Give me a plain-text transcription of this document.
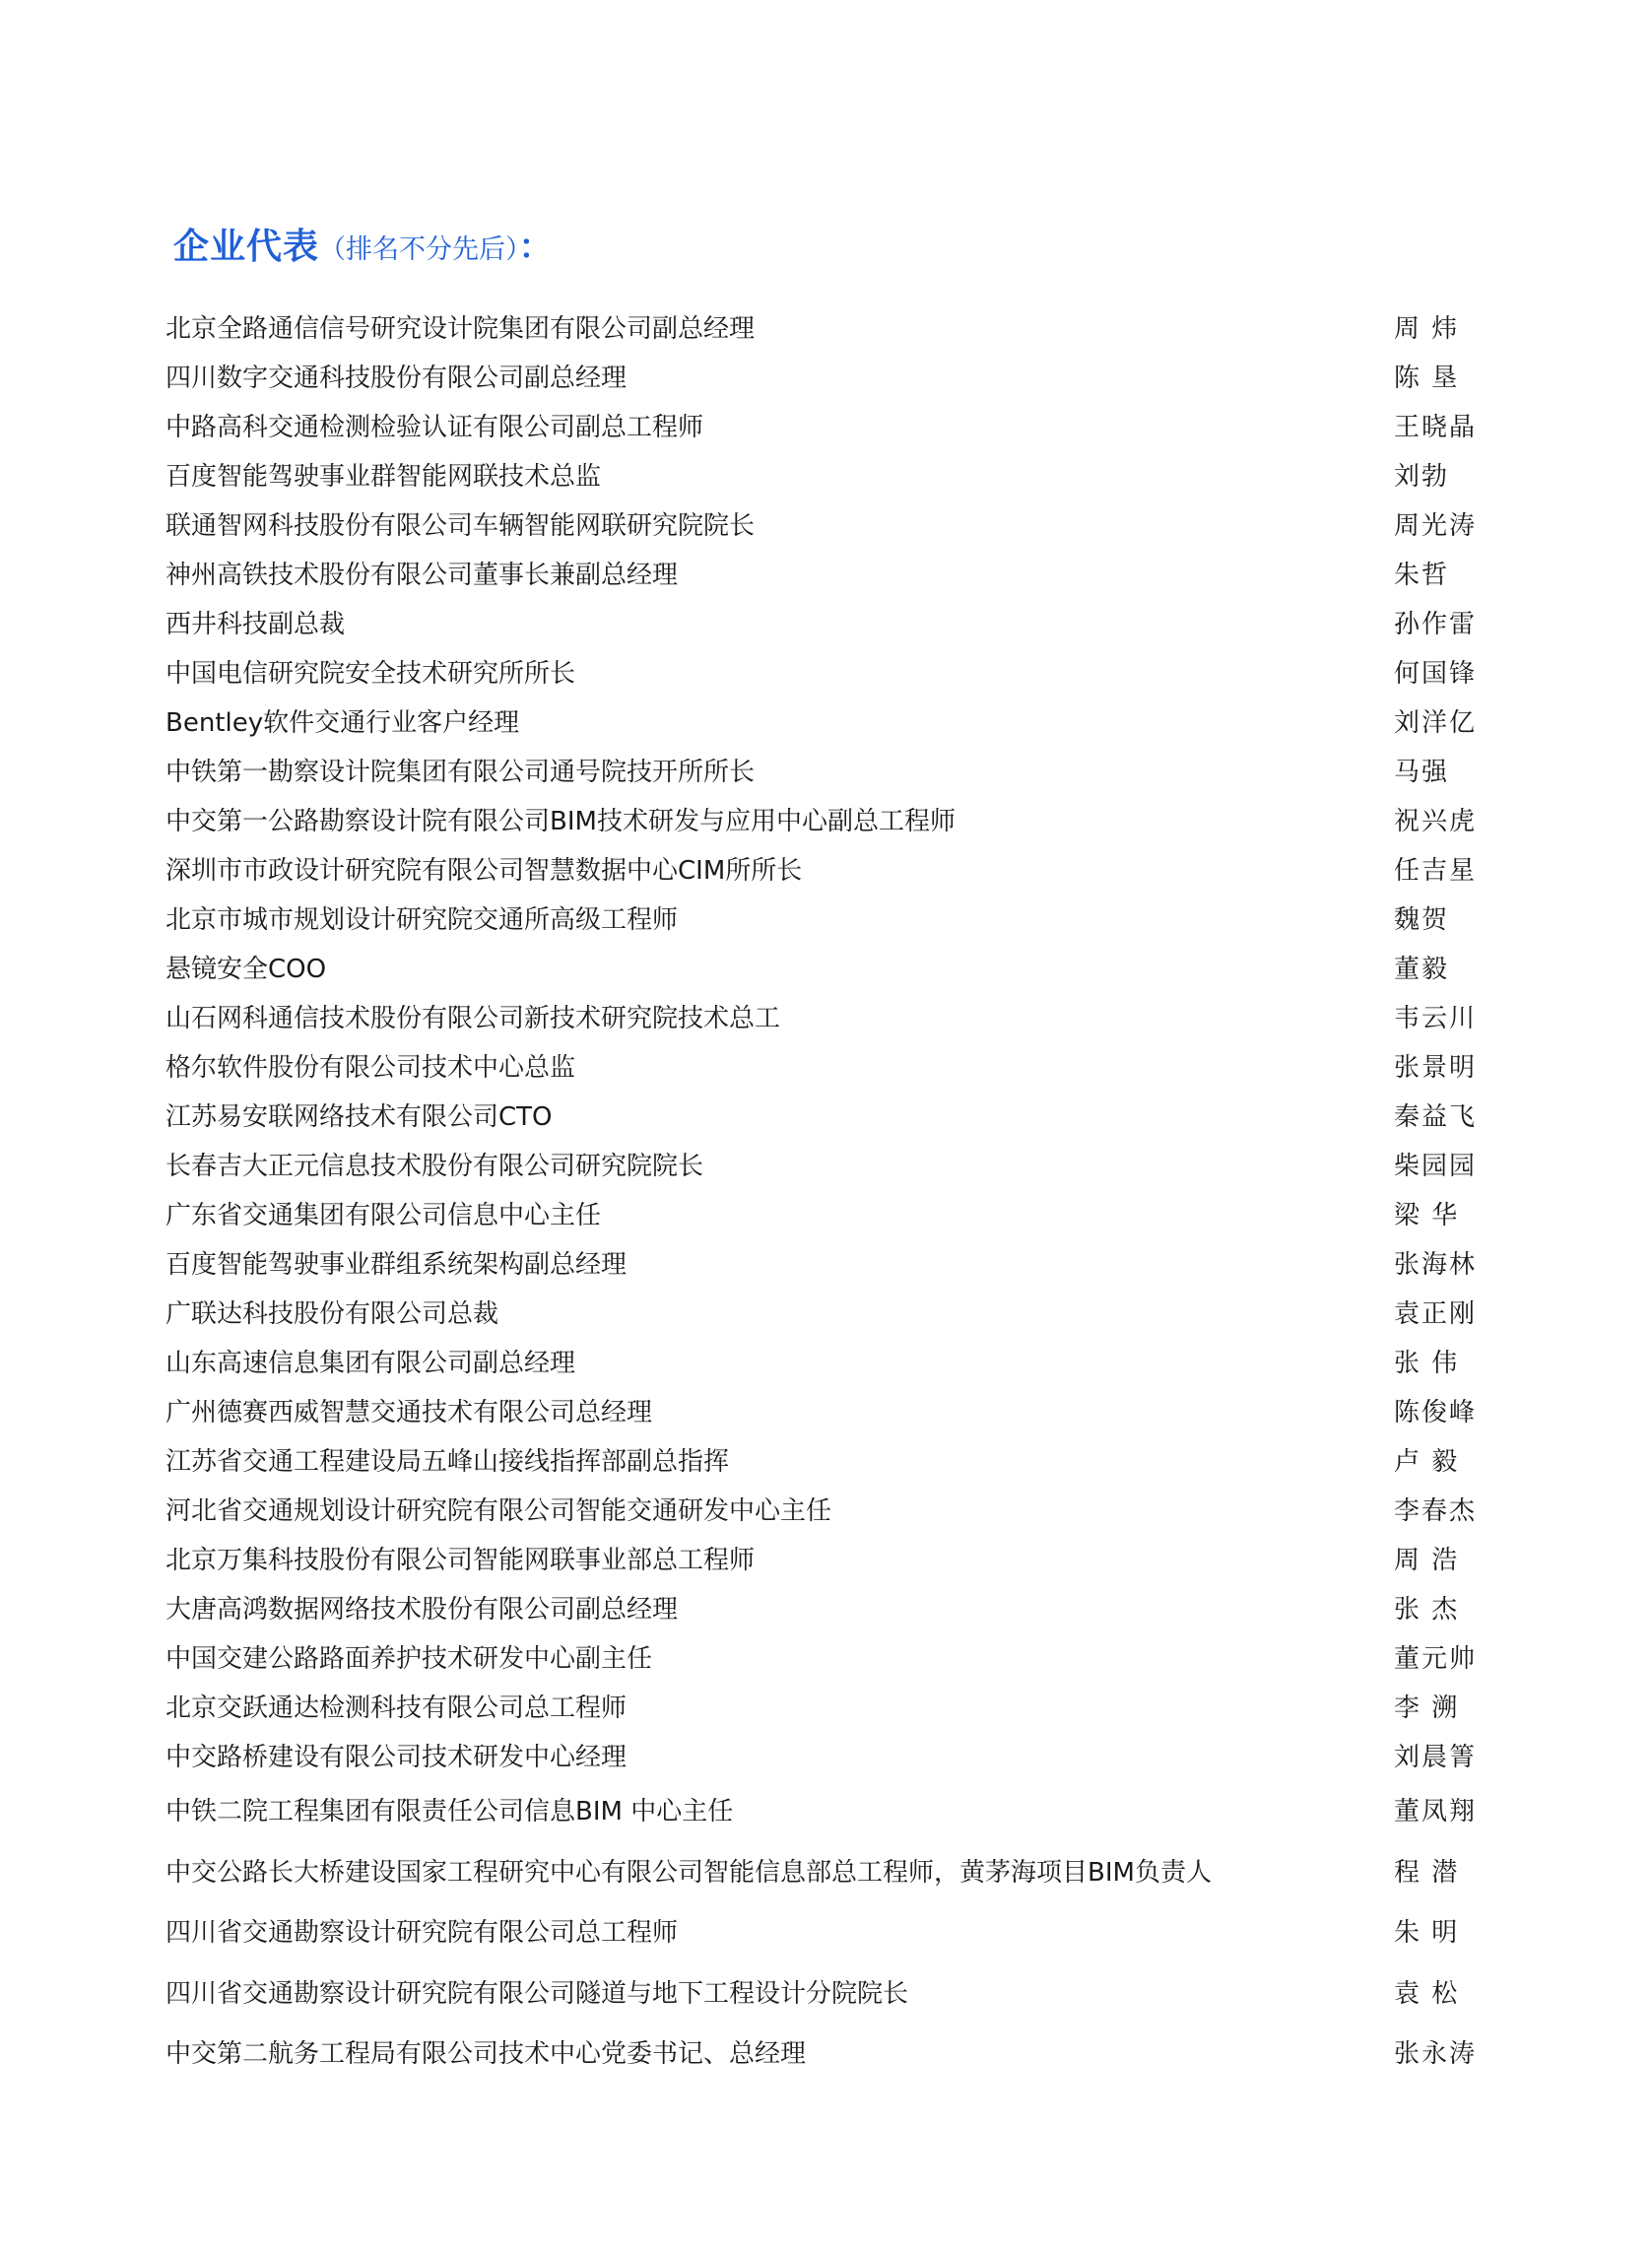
企业代表（排名不分先后）：
北京全路通信信号研究设计院集团有限公司副总经理	周 炜
四川数字交通科技股份有限公司副总经理	陈 垦
中路高科交通检测检验认证有限公司副总工程师	王晓晶
百度智能驾驶事业群智能网联技术总监	刘勃
联通智网科技股份有限公司车辆智能网联研究院院长	周光涛
神州高铁技术股份有限公司董事长兼副总经理	朱哲
西井科技副总裁	孙作雷
中国电信研究院安全技术研究所所长	何国锋
Bentley软件交通行业客户经理	刘洋亿
中铁第一勘察设计院集团有限公司通号院技开所所长	马强
中交第一公路勘察设计院有限公司BIM技术研发与应用中心副总工程师	祝兴虎
深圳市市政设计研究院有限公司智慧数据中心CIM所所长	任吉星
北京市城市规划设计研究院交通所高级工程师	魏贺
悬镜安全COO	董毅
山石网科通信技术股份有限公司新技术研究院技术总工	韦云川
格尔软件股份有限公司技术中心总监	张景明
江苏易安联网络技术有限公司CTO	秦益飞
长春吉大正元信息技术股份有限公司研究院院长	柴园园
广东省交通集团有限公司信息中心主任	梁 华
百度智能驾驶事业群组系统架构副总经理	张海林
广联达科技股份有限公司总裁	袁正刚
山东高速信息集团有限公司副总经理	张 伟
广州德赛西威智慧交通技术有限公司总经理	陈俊峰
江苏省交通工程建设局五峰山接线指挥部副总指挥	卢 毅
河北省交通规划设计研究院有限公司智能交通研发中心主任	李春杰
北京万集科技股份有限公司智能网联事业部总工程师	周 浩
大唐高鸿数据网络技术股份有限公司副总经理	张 杰
中国交建公路路面养护技术研发中心副主任	董元帅
北京交跃通达检测科技有限公司总工程师	李 溯
中交路桥建设有限公司技术研发中心经理	刘晨箐
中铁二院工程集团有限责任公司信息BIM 中心主任	董凤翔
中交公路长大桥建设国家工程研究中心有限公司智能信息部总工程师，黄茅海项目BIM负责人	程 潜
四川省交通勘察设计研究院有限公司总工程师	朱 明
四川省交通勘察设计研究院有限公司隧道与地下工程设计分院院长	袁 松
中交第二航务工程局有限公司技术中心党委书记、总经理	张永涛
